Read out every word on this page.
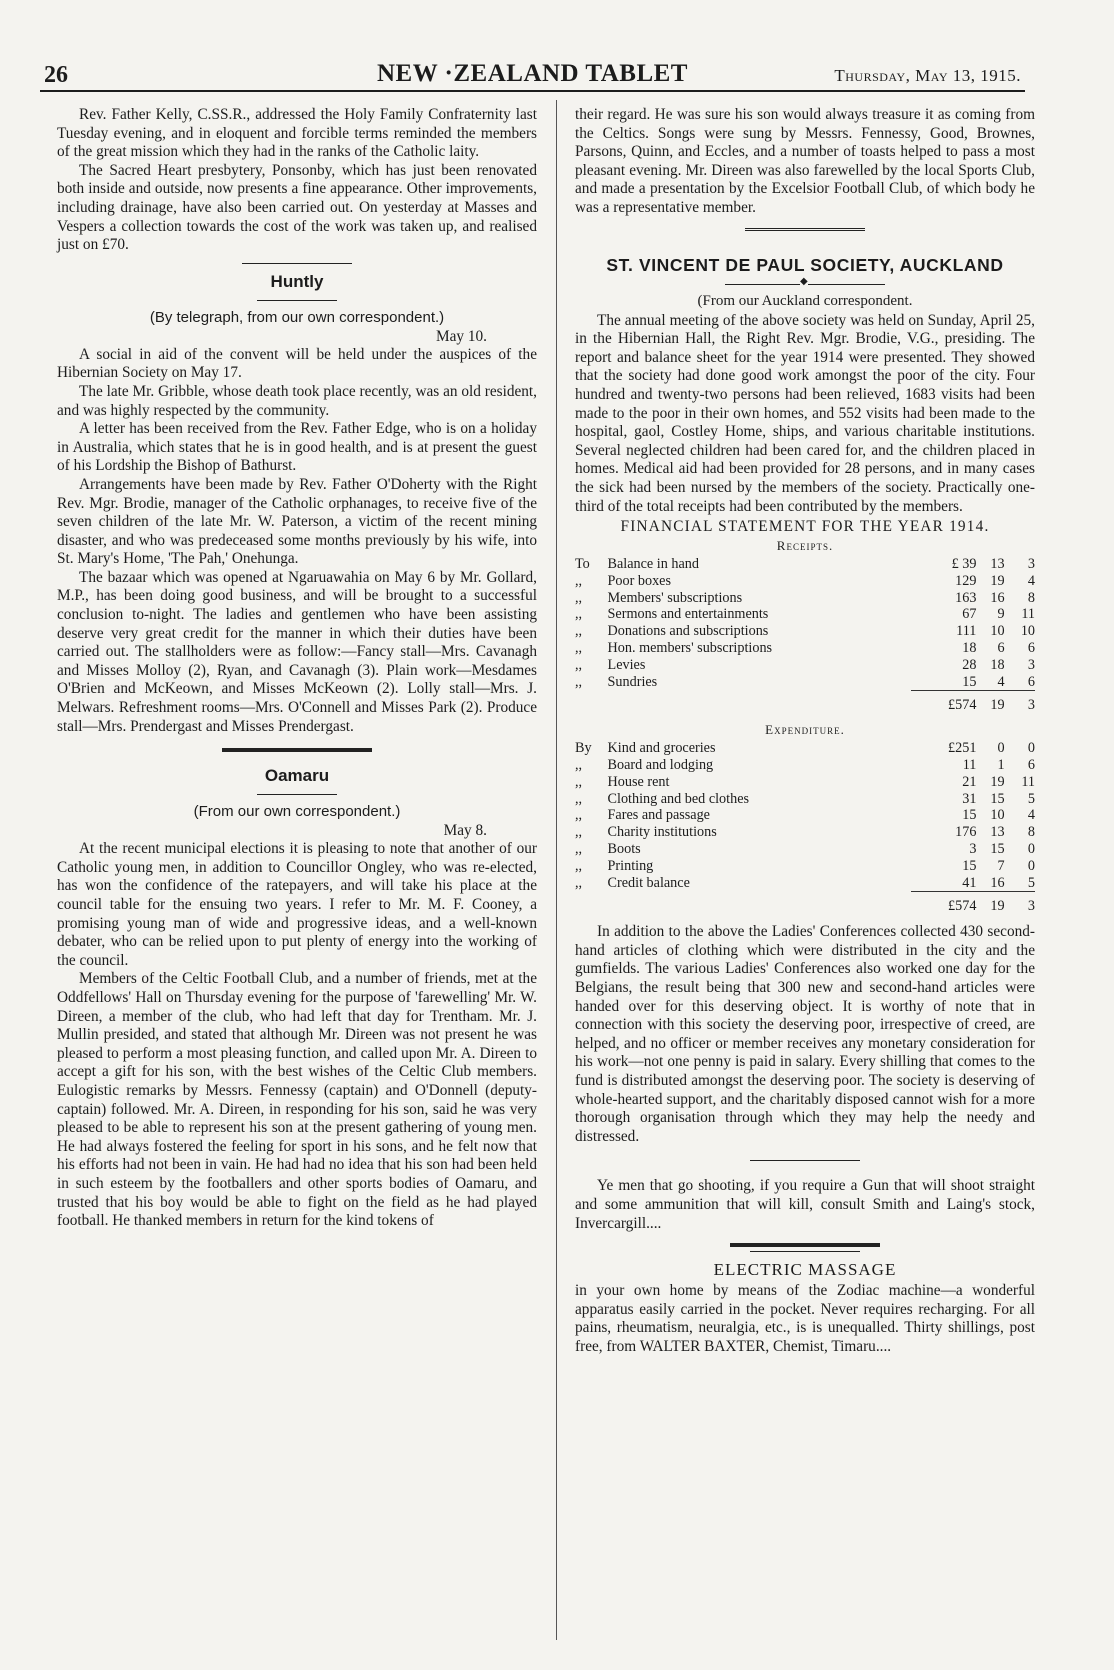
26	NEW ·ZEALAND TABLET	Thursday, May 13, 1915.

Rev. Father Kelly, C.SS.R., addressed the Holy Family Confraternity last Tuesday evening, and in eloquent and forcible terms reminded the members of the great mission which they had in the ranks of the Catholic laity.

The Sacred Heart presbytery, Ponsonby, which has just been renovated both inside and outside, now presents a fine appearance. Other improvements, including drainage, have also been carried out. On yesterday at Masses and Vespers a collection towards the cost of the work was taken up, and realised just on £70.

Huntly
(By telegraph, from our own correspondent.)
May 10.

A social in aid of the convent will be held under the auspices of the Hibernian Society on May 17.

The late Mr. Gribble, whose death took place recently, was an old resident, and was highly respected by the community.

A letter has been received from the Rev. Father Edge, who is on a holiday in Australia, which states that he is in good health, and is at present the guest of his Lordship the Bishop of Bathurst.

Arrangements have been made by Rev. Father O'Doherty with the Right Rev. Mgr. Brodie, manager of the Catholic orphanages, to receive five of the seven children of the late Mr. W. Paterson, a victim of the recent mining disaster, and who was predeceased some months previously by his wife, into St. Mary's Home, 'The Pah,' Onehunga.

The bazaar which was opened at Ngaruawahia on May 6 by Mr. Gollard, M.P., has been doing good business, and will be brought to a successful conclusion to-night. The ladies and gentlemen who have been assisting deserve very great credit for the manner in which their duties have been carried out. The stallholders were as follow:—Fancy stall—Mrs. Cavanagh and Misses Molloy (2), Ryan, and Cavanagh (3). Plain work—Mesdames O'Brien and McKeown, and Misses McKeown (2). Lolly stall—Mrs. J. Melwars. Refreshment rooms—Mrs. O'Connell and Misses Park (2). Produce stall—Mrs. Prendergast and Misses Prendergast.

Oamaru
(From our own correspondent.)
May 8.

At the recent municipal elections it is pleasing to note that another of our Catholic young men, in addition to Councillor Ongley, who was re-elected, has won the confidence of the ratepayers, and will take his place at the council table for the ensuing two years. I refer to Mr. M. F. Cooney, a promising young man of wide and progressive ideas, and a well-known debater, who can be relied upon to put plenty of energy into the working of the council.

Members of the Celtic Football Club, and a number of friends, met at the Oddfellows' Hall on Thursday evening for the purpose of 'farewelling' Mr. W. Direen, a member of the club, who had left that day for Trentham. Mr. J. Mullin presided, and stated that although Mr. Direen was not present he was pleased to perform a most pleasing function, and called upon Mr. A. Direen to accept a gift for his son, with the best wishes of the Celtic Club members. Eulogistic remarks by Messrs. Fennessy (captain) and O'Donnell (deputy-captain) followed. Mr. A. Direen, in responding for his son, said he was very pleased to be able to represent his son at the present gathering of young men. He had always fostered the feeling for sport in his sons, and he felt now that his efforts had not been in vain. He had had no idea that his son had been held in such esteem by the footballers and other sports bodies of Oamaru, and trusted that his boy would be able to fight on the field as he had played football. He thanked members in return for the kind tokens of

their regard. He was sure his son would always treasure it as coming from the Celtics. Songs were sung by Messrs. Fennessy, Good, Brownes, Parsons, Quinn, and Eccles, and a number of toasts helped to pass a most pleasant evening. Mr. Direen was also farewelled by the local Sports Club, and made a presentation by the Excelsior Football Club, of which body he was a representative member.

ST. VINCENT DE PAUL SOCIETY, AUCKLAND
◆
(From our Auckland correspondent.

The annual meeting of the above society was held on Sunday, April 25, in the Hibernian Hall, the Right Rev. Mgr. Brodie, V.G., presiding. The report and balance sheet for the year 1914 were presented. They showed that the society had done good work amongst the poor of the city. Four hundred and twenty-two persons had been relieved, 1683 visits had been made to the poor in their own homes, and 552 visits had been made to the hospital, gaol, Costley Home, ships, and various charitable institutions. Several neglected children had been cared for, and the children placed in homes. Medical aid had been provided for 28 persons, and in many cases the sick had been nursed by the members of the society. Practically one-third of the total receipts had been contributed by the members.

FINANCIAL STATEMENT FOR THE YEAR 1914.
Receipts.
To	Balance in hand	£ 39	13	3
,,	Poor boxes	129	19	4
,,	Members' subscriptions	163	16	8
,,	Sermons and entertainments	67	9	11
,,	Donations and subscriptions	111	10	10
,,	Hon. members' subscriptions	18	6	6
,,	Levies	28	18	3
,,	Sundries	15	4	6
		£574	19	3
Expenditure.
By	Kind and groceries	£251	0	0
,,	Board and lodging	11	1	6
,,	House rent	21	19	11
,,	Clothing and bed clothes	31	15	5
,,	Fares and passage	15	10	4
,,	Charity institutions	176	13	8
,,	Boots	3	15	0
,,	Printing	15	7	0
,,	Credit balance	41	16	5
		£574	19	3

In addition to the above the Ladies' Conferences collected 430 second-hand articles of clothing which were distributed in the city and the gumfields. The various Ladies' Conferences also worked one day for the Belgians, the result being that 300 new and second-hand articles were handed over for this deserving object. It is worthy of note that in connection with this society the deserving poor, irrespective of creed, are helped, and no officer or member receives any monetary consideration for his work—not one penny is paid in salary. Every shilling that comes to the fund is distributed amongst the deserving poor. The society is deserving of whole-hearted support, and the charitably disposed cannot wish for a more thorough organisation through which they may help the needy and distressed.

Ye men that go shooting, if you require a Gun that will shoot straight and some ammunition that will kill, consult Smith and Laing's stock, Invercargill....

ELECTRIC MASSAGE

in your own home by means of the Zodiac machine—a wonderful apparatus easily carried in the pocket. Never requires recharging. For all pains, rheumatism, neuralgia, etc., is is unequalled. Thirty shillings, post free, from WALTER BAXTER, Chemist, Timaru....
